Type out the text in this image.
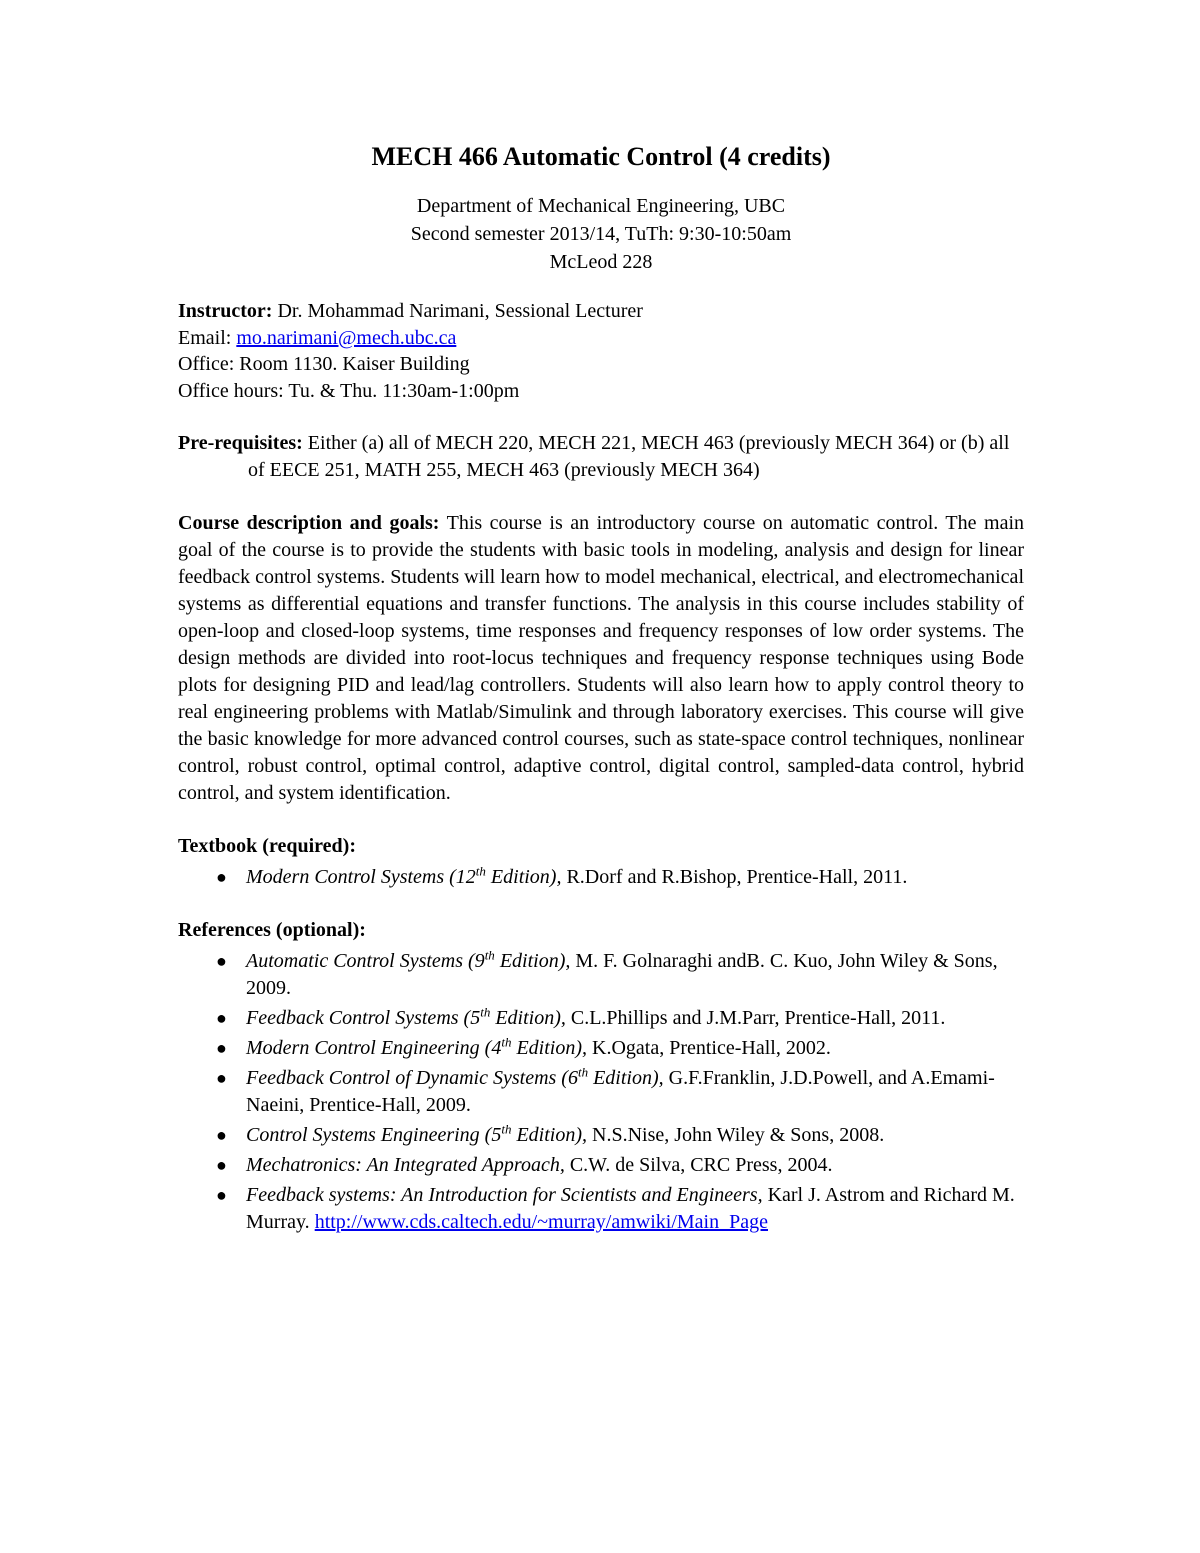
MECH 466 Automatic Control (4 credits)
Department of Mechanical Engineering, UBC
Second semester 2013/14, TuTh: 9:30-10:50am
McLeod 228
Instructor: Dr. Mohammad Narimani, Sessional Lecturer
Email: mo.narimani@mech.ubc.ca
Office: Room 1130. Kaiser Building
Office hours: Tu. & Thu. 11:30am-1:00pm
Pre-requisites: Either (a) all of MECH 220, MECH 221, MECH 463 (previously MECH 364) or (b) all of EECE 251, MATH 255, MECH 463 (previously MECH 364)
Course description and goals: This course is an introductory course on automatic control. The main goal of the course is to provide the students with basic tools in modeling, analysis and design for linear feedback control systems. Students will learn how to model mechanical, electrical, and electromechanical systems as differential equations and transfer functions. The analysis in this course includes stability of open-loop and closed-loop systems, time responses and frequency responses of low order systems. The design methods are divided into root-locus techniques and frequency response techniques using Bode plots for designing PID and lead/lag controllers. Students will also learn how to apply control theory to real engineering problems with Matlab/Simulink and through laboratory exercises. This course will give the basic knowledge for more advanced control courses, such as state-space control techniques, nonlinear control, robust control, optimal control, adaptive control, digital control, sampled-data control, hybrid control, and system identification.
Textbook (required):
● Modern Control Systems (12th Edition), R.Dorf and R.Bishop, Prentice-Hall, 2011.
References (optional):
● Automatic Control Systems (9th Edition), M. F. Golnaraghi andB. C. Kuo, John Wiley & Sons, 2009.
● Feedback Control Systems (5th Edition), C.L.Phillips and J.M.Parr, Prentice-Hall, 2011.
● Modern Control Engineering (4th Edition), K.Ogata, Prentice-Hall, 2002.
● Feedback Control of Dynamic Systems (6th Edition), G.F.Franklin, J.D.Powell, and A.Emami-Naeini, Prentice-Hall, 2009.
● Control Systems Engineering (5th Edition), N.S.Nise, John Wiley & Sons, 2008.
● Mechatronics: An Integrated Approach, C.W. de Silva, CRC Press, 2004.
● Feedback systems: An Introduction for Scientists and Engineers, Karl J. Astrom and Richard M. Murray. http://www.cds.caltech.edu/~murray/amwiki/Main_Page
